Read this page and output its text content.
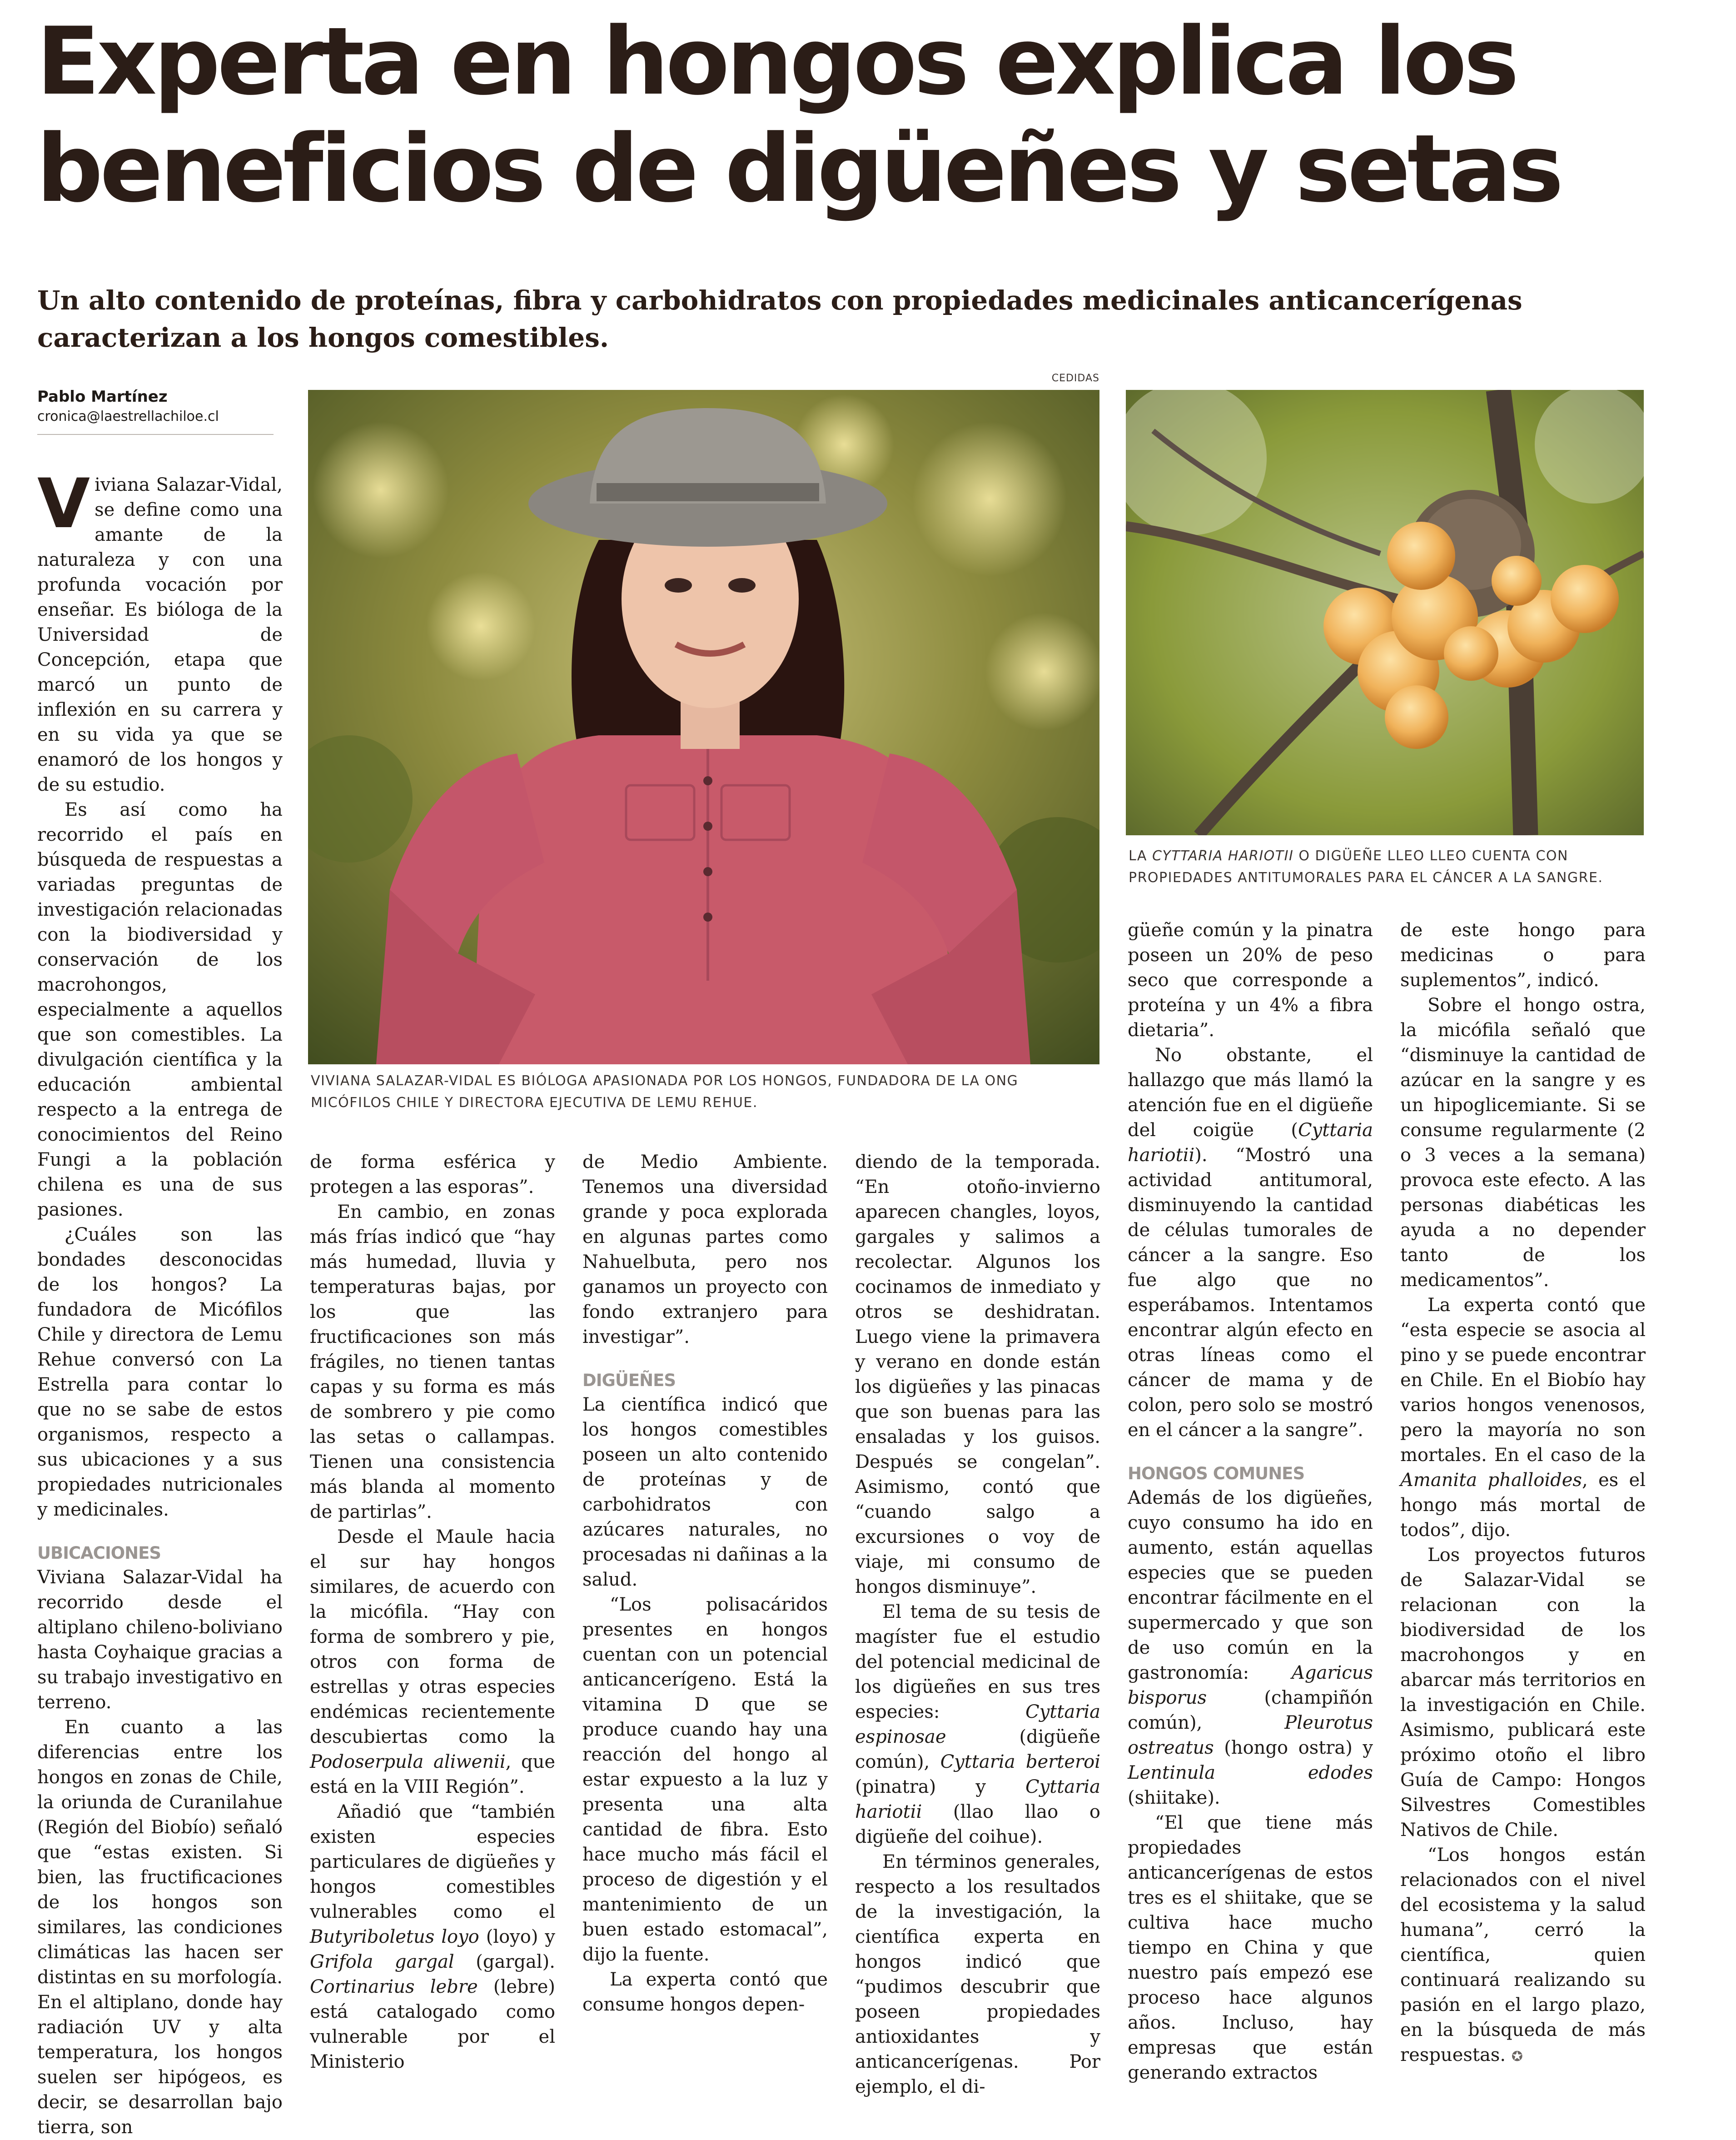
Experta en hongos explica los beneficios de digüeñes y setas

Un alto contenido de proteínas, fibra y carbohidratos con propiedades medicinales anticancerígenas caracterizan a los hongos comestibles.

Pablo Martínez
cronica@laestrellachiloe.cl
CEDIDAS

VIVIANA SALAZAR-VIDAL ES BIÓLOGA APASIONADA POR LOS HONGOS, FUNDADORA DE LA ONG MICÓFILOS CHILE Y DIRECTORA EJECUTIVA DE LEMU REHUE.

LA CYTTARIA HARIOTII O DIGÜEÑE LLEO LLEO CUENTA CON PROPIEDADES ANTITUMORALES PARA EL CÁNCER A LA SANGRE.

Viviana Salazar-Vidal, se define como una amante de la naturaleza y con una profunda vocación por enseñar. Es bióloga de la Universidad de Concepción, etapa que marcó un punto de inflexión en su carrera y en su vida ya que se enamoró de los hongos y de su estudio.

Es así como ha recorrido el país en búsqueda de respuestas a variadas preguntas de investigación relacionadas con la biodiversidad y conservación de los macrohongos, especialmente a aquellos que son comestibles. La divulgación científica y la educación ambiental respecto a la entrega de conocimientos del Reino Fungi a la población chilena es una de sus pasiones.

¿Cuáles son las bondades desconocidas de los hongos? La fundadora de Micófilos Chile y directora de Lemu Rehue conversó con La Estrella para contar lo que no se sabe de estos organismos, respecto a sus ubicaciones y a sus propiedades nutricionales y medicinales.

UBICACIONES

Viviana Salazar-Vidal ha recorrido desde el altiplano chileno-boliviano hasta Coyhaique gracias a su trabajo investigativo en terreno.

En cuanto a las diferencias entre los hongos en zonas de Chile, la oriunda de Curanilahue (Región del Biobío) señaló que “estas existen. Si bien, las fructificaciones de los hongos son similares, las condiciones climáticas las hacen ser distintas en su morfología. En el altiplano, donde hay radiación UV y alta temperatura, los hongos suelen ser hipógeos, es decir, se desarrollan bajo tierra, son

de forma esférica y protegen a las esporas”.

En cambio, en zonas más frías indicó que “hay más humedad, lluvia y temperaturas bajas, por los que las fructificaciones son más frágiles, no tienen tantas capas y su forma es más de sombrero y pie como las setas o callampas. Tienen una consistencia más blanda al momento de partirlas”.

Desde el Maule hacia el sur hay hongos similares, de acuerdo con la micófila. “Hay con forma de sombrero y pie, otros con forma de estrellas y otras especies endémicas recientemente descubiertas como la Podoserpula aliwenii, que está en la VIII Región”.

Añadió que “también existen especies particulares de digüeñes y hongos comestibles vulnerables como el Butyriboletus loyo (loyo) y Grifola gargal (gargal). Cortinarius lebre (lebre) está catalogado como vulnerable por el Ministerio

de Medio Ambiente. Tenemos una diversidad grande y poca explorada en algunas partes como Nahuelbuta, pero nos ganamos un proyecto con fondo extranjero para investigar”.

DIGÜEÑES

La científica indicó que los hongos comestibles poseen un alto contenido de proteínas y de carbohidratos con azúcares naturales, no procesadas ni dañinas a la salud.

“Los polisacáridos presentes en hongos cuentan con un potencial anticancerígeno. Está la vitamina D que se produce cuando hay una reacción del hongo al estar expuesto a la luz y presenta una alta cantidad de fibra. Esto hace mucho más fácil el proceso de digestión y el mantenimiento de un buen estado estomacal”, dijo la fuente.

La experta contó que consume hongos depen-

diendo de la temporada. “En otoño-invierno aparecen changles, loyos, gargales y salimos a recolectar. Algunos los cocinamos de inmediato y otros se deshidratan. Luego viene la primavera y verano en donde están los digüeñes y las pinacas que son buenas para las ensaladas y los guisos. Después se congelan”. Asimismo, contó que “cuando salgo a excursiones o voy de viaje, mi consumo de hongos disminuye”.

El tema de su tesis de magíster fue el estudio del potencial medicinal de los digüeñes en sus tres especies: Cyttaria espinosae (digüeñe común), Cyttaria berteroi (pinatra) y Cyttaria hariotii (llao llao o digüeñe del coihue).

En términos generales, respecto a los resultados de la investigación, la científica experta en hongos indicó que “pudimos descubrir que poseen propiedades antioxidantes y anticancerígenas. Por ejemplo, el di-

güeñe común y la pinatra poseen un 20% de peso seco que corresponde a proteína y un 4% a fibra dietaria”.

No obstante, el hallazgo que más llamó la atención fue en el digüeñe del coigüe (Cyttaria hariotii). “Mostró una actividad antitumoral, disminuyendo la cantidad de células tumorales de cáncer a la sangre. Eso fue algo que no esperábamos. Intentamos encontrar algún efecto en otras líneas como el cáncer de mama y de colon, pero solo se mostró en el cáncer a la sangre”.

HONGOS COMUNES

Además de los digüeñes, cuyo consumo ha ido en aumento, están aquellas especies que se pueden encontrar fácilmente en el supermercado y que son de uso común en la gastronomía: Agaricus bisporus (champiñón común), Pleurotus ostreatus (hongo ostra) y Lentinula edodes (shiitake).

“El que tiene más propiedades anticancerígenas de estos tres es el shiitake, que se cultiva hace mucho tiempo en China y que nuestro país empezó ese proceso hace algunos años. Incluso, hay empresas que están generando extractos

de este hongo para medicinas o para suplementos”, indicó.

Sobre el hongo ostra, la micófila señaló que “disminuye la cantidad de azúcar en la sangre y es un hipoglicemiante. Si se consume regularmente (2 o 3 veces a la semana) provoca este efecto. A las personas diabéticas les ayuda a no depender tanto de los medicamentos”.

La experta contó que “esta especie se asocia al pino y se puede encontrar en Chile. En el Biobío hay varios hongos venenosos, pero la mayoría no son mortales. En el caso de la Amanita phalloides, es el hongo más mortal de todos”, dijo.

Los proyectos futuros de Salazar-Vidal se relacionan con la biodiversidad de los macrohongos y en abarcar más territorios en la investigación en Chile. Asimismo, publicará este próximo otoño el libro Guía de Campo: Hongos Silvestres Comestibles Nativos de Chile.

“Los hongos están relacionados con el nivel del ecosistema y la salud humana”, cerró la científica, quien continuará realizando su pasión en el largo plazo, en la búsqueda de más respuestas. ✪
